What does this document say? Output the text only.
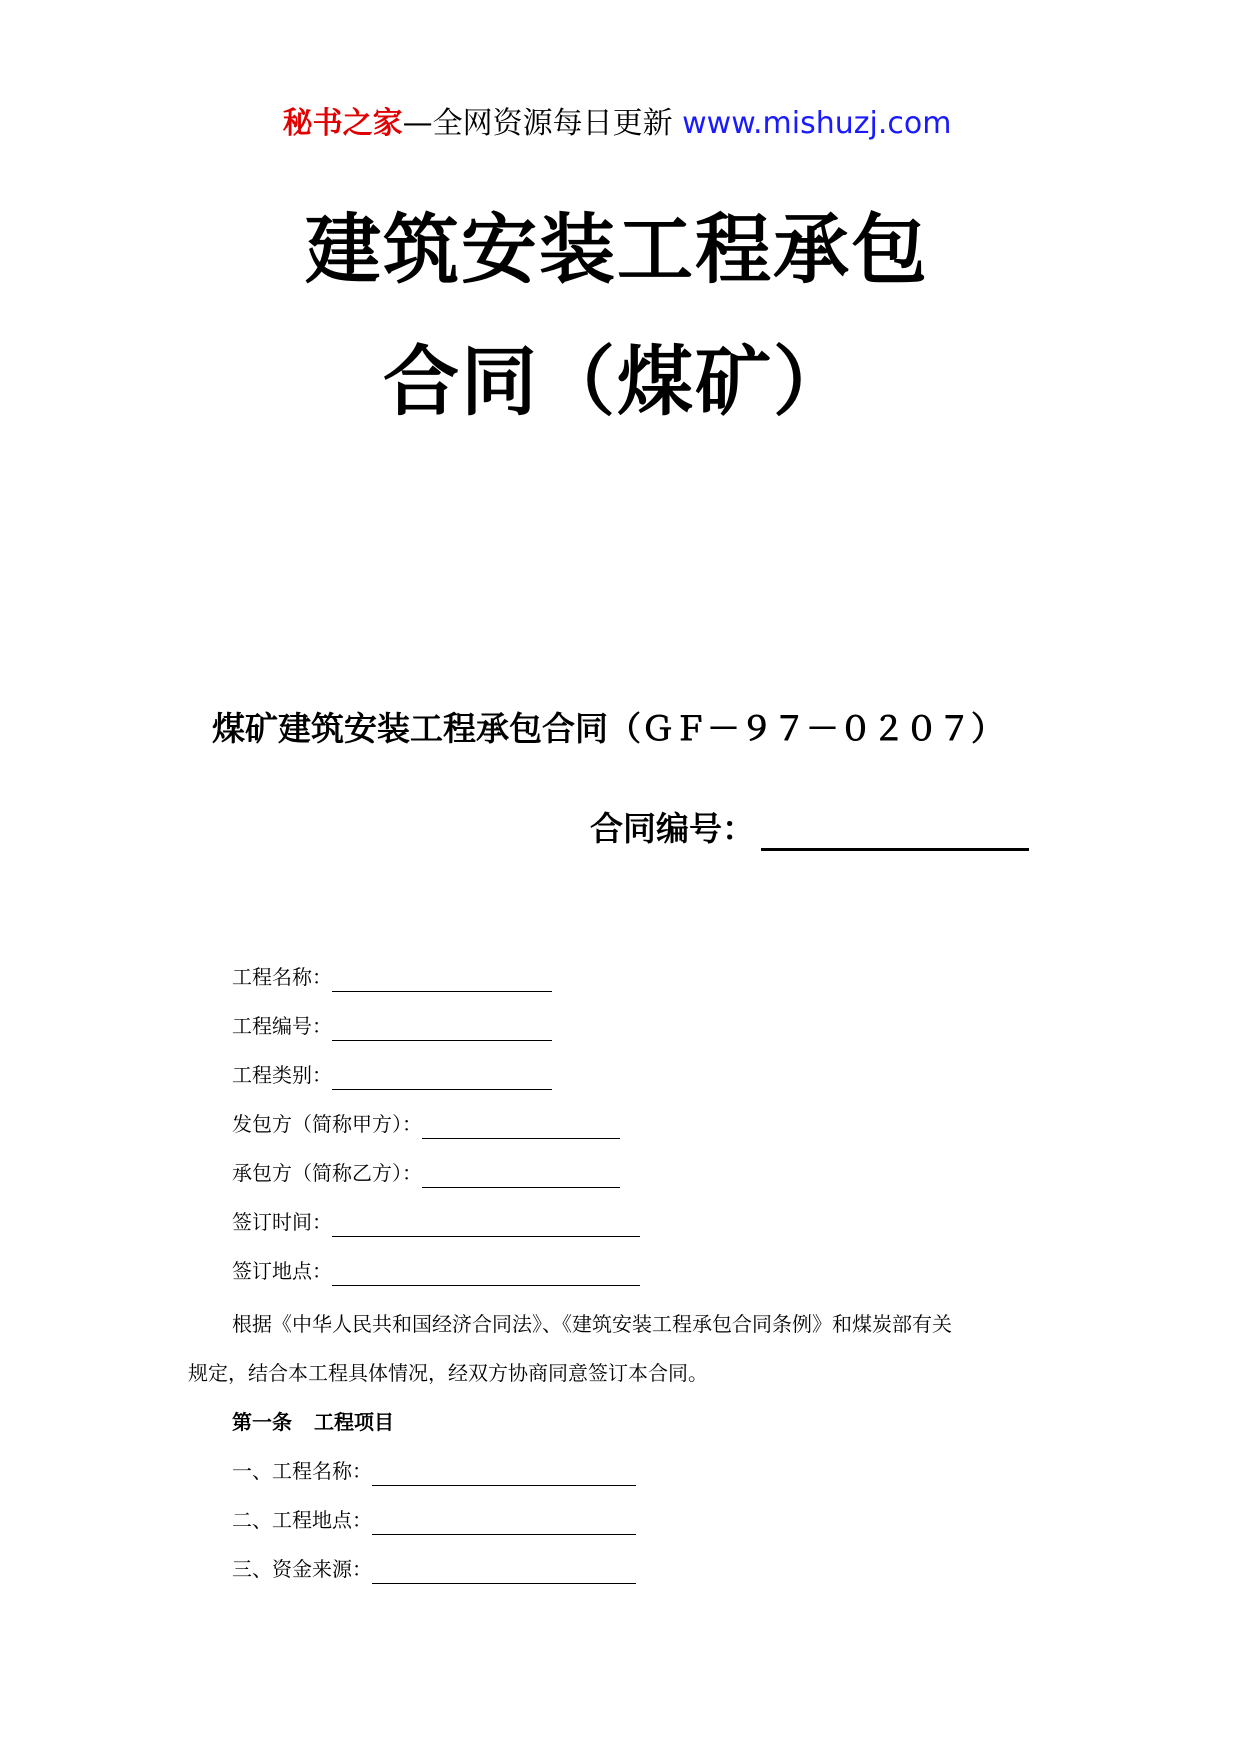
秘书之家—全网资源每日更新 www.mishuzj.com
建筑安装工程承包
合同（煤矿）
煤矿建筑安装工程承包合同（ＧＦ－９７－０２０７）
合同编号：
工程名称：
工程编号：
工程类别：
发包方（简称甲方）：
承包方（简称乙方）：
签订时间：
签订地点：
根据《中华人民共和国经济合同法》、《建筑安装工程承包合同条例》和煤炭部有关
规定，结合本工程具体情况，经双方协商同意签订本合同。
第一条 工程项目
一、工程名称：
二、工程地点：
三、资金来源：
